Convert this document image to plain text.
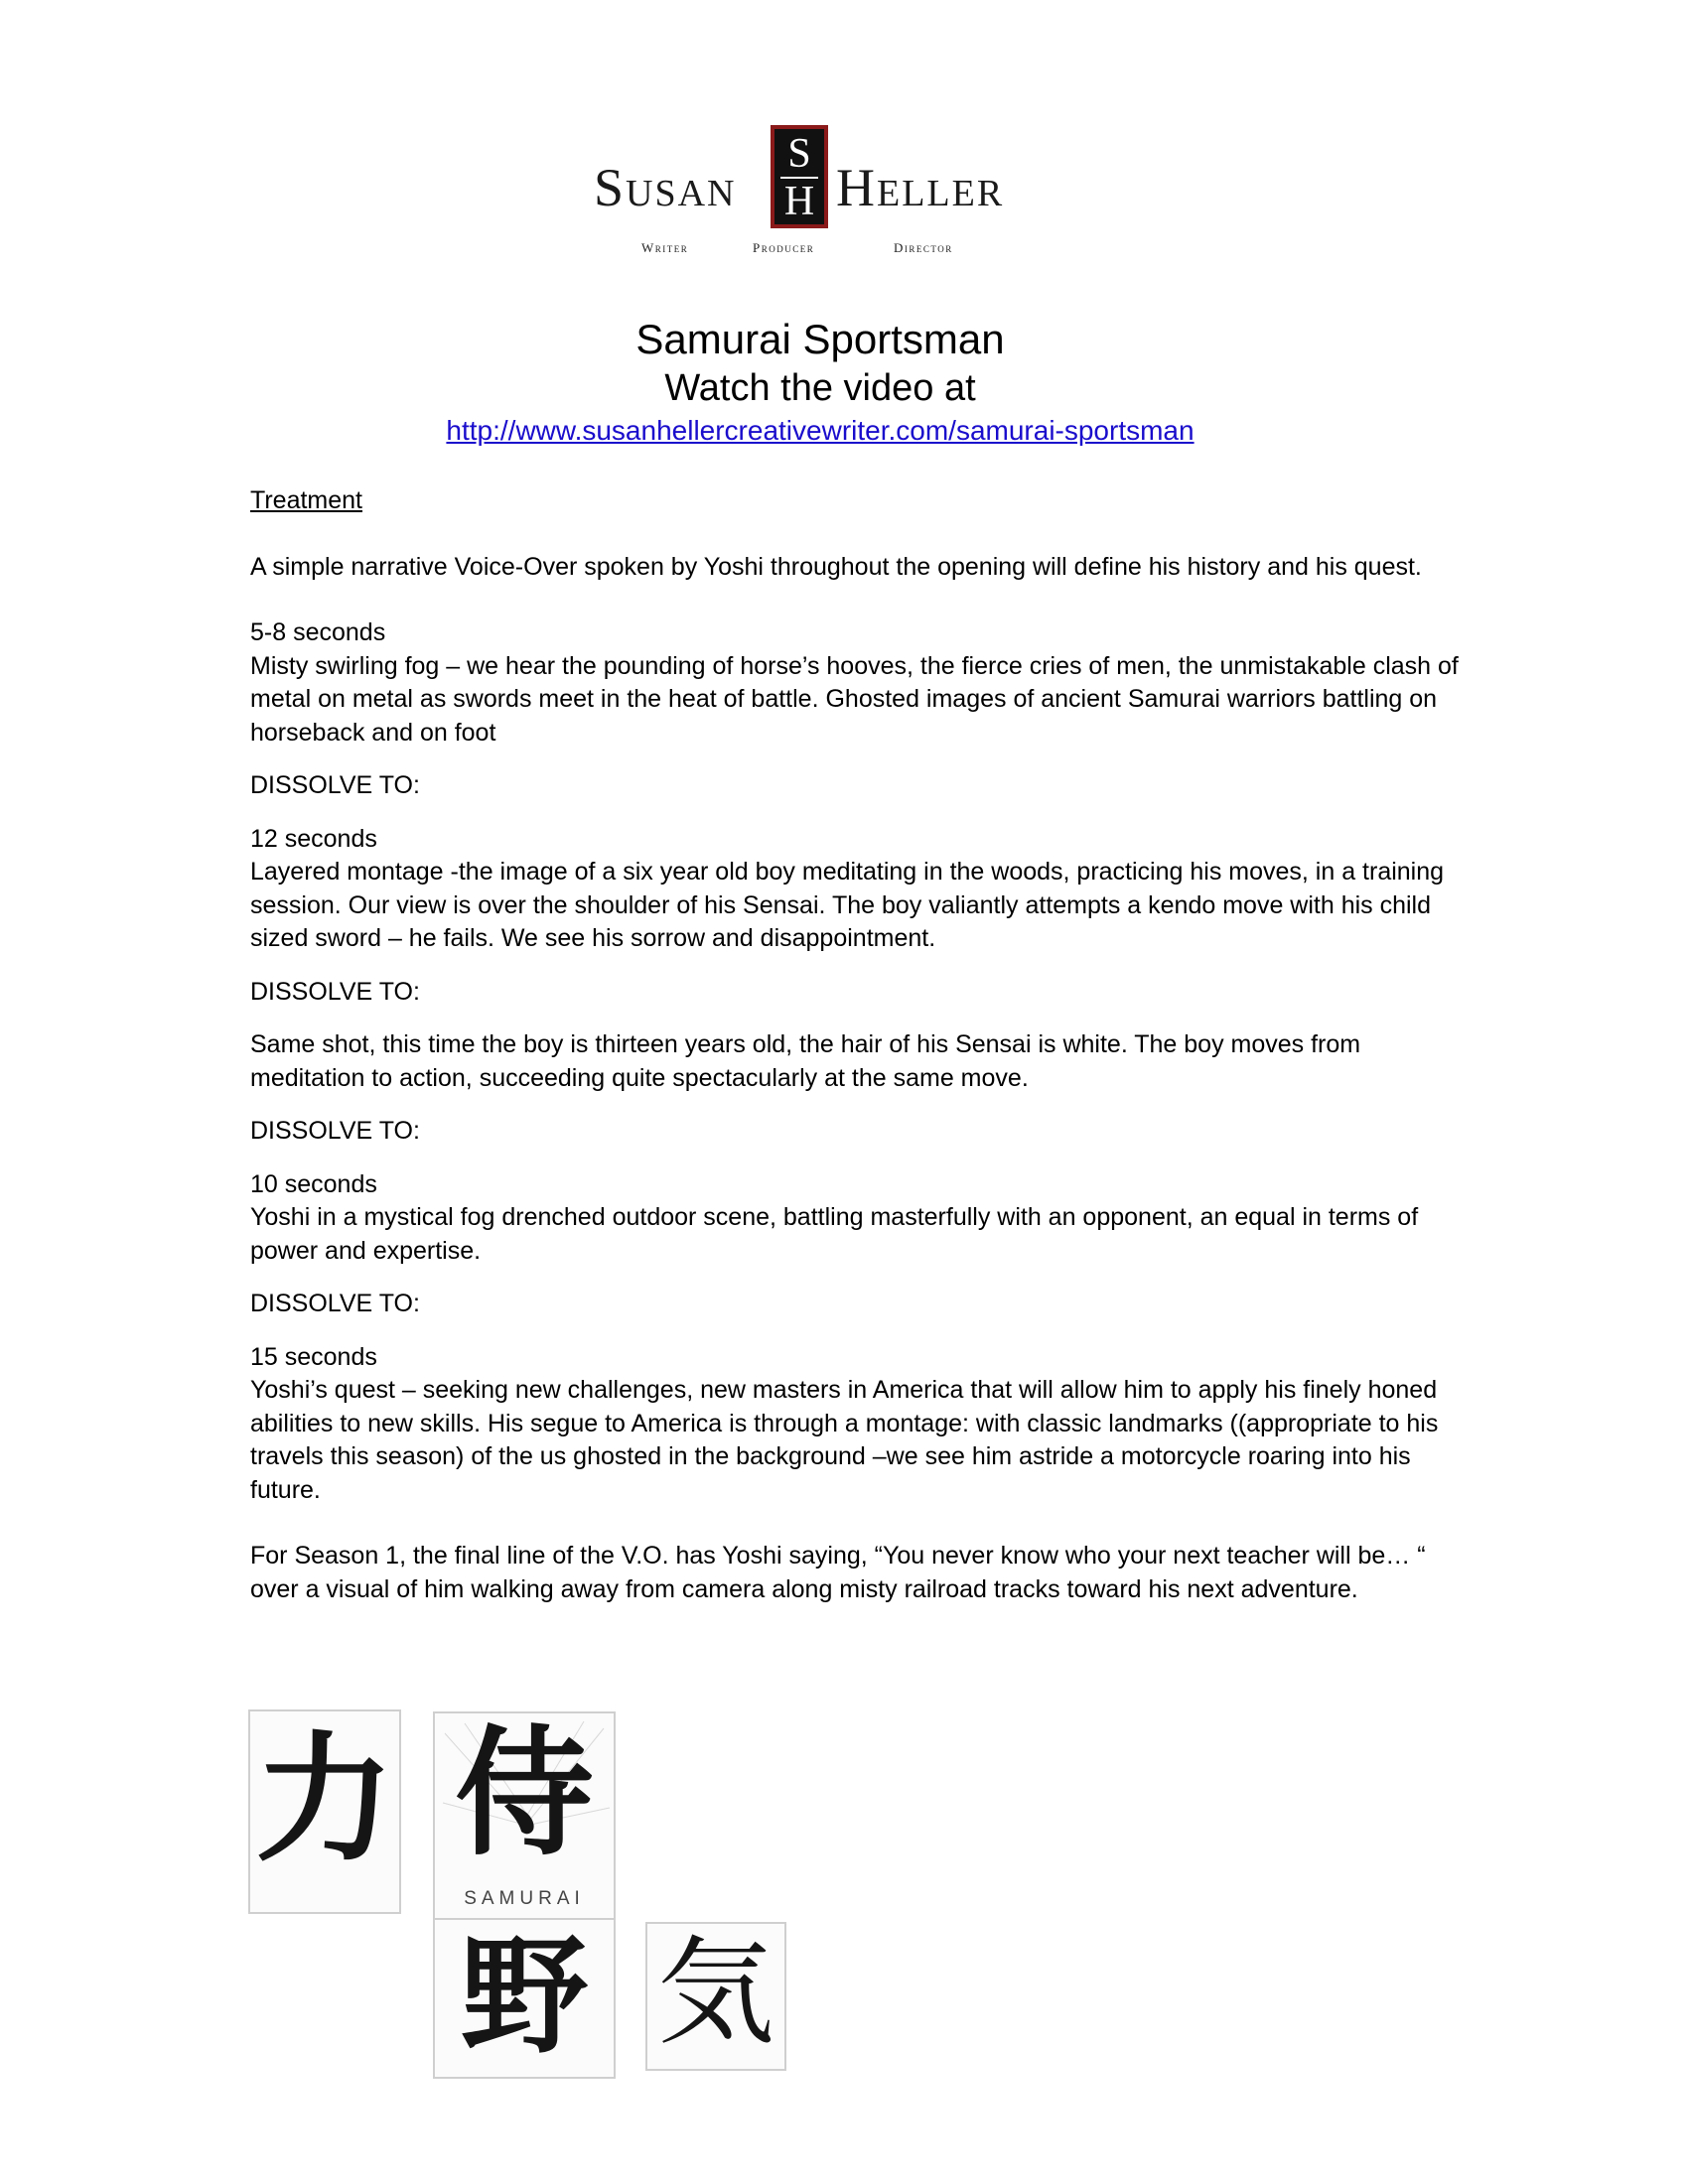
Susan
S
H Heller
Writer	Producer	Director
Samurai Sportsman
Watch the video at
http://www.susanhellercreativewriter.com/samurai-sportsman

Treatment

A simple narrative Voice-Over spoken by Yoshi throughout the opening will define his history and his quest.

5-8 seconds

Misty swirling fog – we hear the pounding of horse’s hooves, the fierce cries of men, the unmistakable clash of metal on metal as swords meet in the heat of battle. Ghosted images of ancient Samurai warriors battling on horseback and on foot

DISSOLVE TO:

12 seconds

Layered montage -the image of a six year old boy meditating in the woods, practicing his moves, in a training session. Our view is over the shoulder of his Sensai. The boy valiantly attempts a kendo move with his child sized sword – he fails. We see his sorrow and disappointment.

DISSOLVE TO:

Same shot, this time the boy is thirteen years old, the hair of his Sensai is white. The boy moves from meditation to action, succeeding quite spectacularly at the same move.

DISSOLVE TO:

10 seconds

Yoshi in a mystical fog drenched outdoor scene, battling masterfully with an opponent, an equal in terms of power and expertise.

DISSOLVE TO:

15 seconds

Yoshi’s quest – seeking new challenges, new masters in America that will allow him to apply his finely honed abilities to new skills. His segue to America is through a montage: with classic landmarks ((appropriate to his travels this season) of the us ghosted in the background –we see him astride a motorcycle roaring into his future.

For Season 1, the final line of the V.O. has Yoshi saying, “You never know who your next teacher will be… “ over a visual of him walking away from camera along misty railroad tracks toward his next adventure.

力 侍
SAMURAI
野 気
